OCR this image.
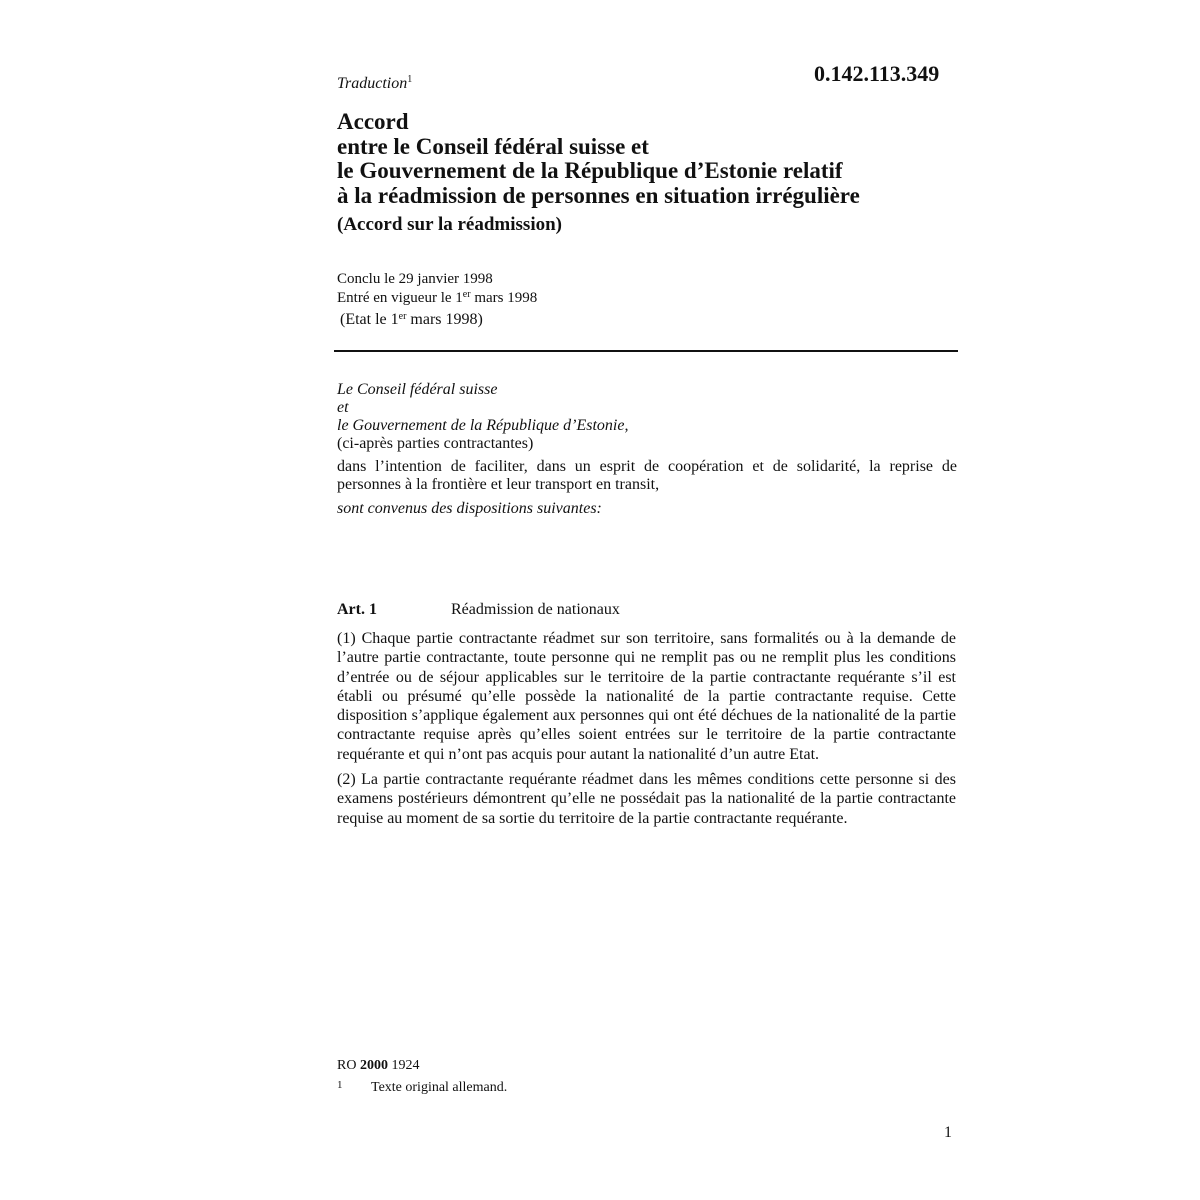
Traduction$^1$	0.142.113.349
Accord
entre le Conseil fédéral suisse et
le Gouvernement de la République d’Estonie relatif
à la réadmission de personnes en situation irrégulière
(Accord sur la réadmission)
Conclu le 29 janvier 1998
Entré en vigueur le 1er mars 1998
(Etat le 1er mars 1998)
Le Conseil fédéral suisse
et
le Gouvernement de la République d’Estonie,
(ci-après parties contractantes)
dans l’intention de faciliter, dans un esprit de coopération et de solidarité, la reprise de personnes à la frontière et leur transport en transit,
sont convenus des dispositions suivantes:
Art. 1	Réadmission de nationaux

(1) Chaque partie contractante réadmet sur son territoire, sans formalités ou à la demande de l’autre partie contractante, toute personne qui ne remplit pas ou ne remplit plus les conditions d’entrée ou de séjour applicables sur le territoire de la partie contractante requérante s’il est établi ou présumé qu’elle possède la nationalité de la partie contractante requise. Cette disposition s’applique également aux personnes qui ont été déchues de la nationalité de la partie contractante requise après qu’elles soient entrées sur le territoire de la partie contractante requérante et qui n’ont pas acquis pour autant la nationalité d’un autre Etat.

(2) La partie contractante requérante réadmet dans les mêmes conditions cette personne si des examens postérieurs démontrent qu’elle ne possédait pas la nationalité de la partie contractante requise au moment de sa sortie du territoire de la partie contractante requérante.

RO 2000 1924
1 Texte original allemand.
1
